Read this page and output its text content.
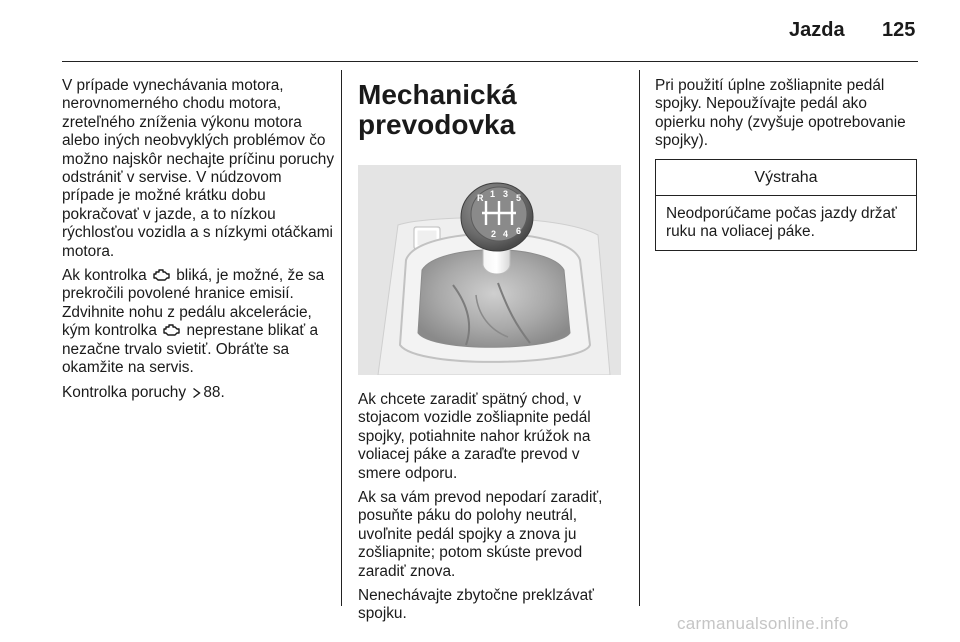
Jazda 125

V prípade vynechávania motora, nerovnomerného chodu motora, zreteľného zníženia výkonu motora alebo iných neobvyklých problémov čo možno najskôr nechajte príčinu poruchy odstrániť v servise. V núdzovom prípade je možné krátku dobu pokračovať v jazde, a to nízkou rýchlosťou vozidla a s nízkymi otáčkami motora.

Ak kontrolka  bliká, je možné, že sa prekročili povolené hranice emisií. Zdvihnite nohu z pedálu akcelerácie, kým kontrolka  neprestane blikať a nezačne trvalo svietiť. Obráťte sa okamžite na servis.

Kontrolka poruchy 88.

Mechanická
prevodovka
R 1 3 5
2 4 6

Ak chcete zaradiť spätný chod, v stojacom vozidle zošliapnite pedál spojky, potiahnite nahor krúžok na voliacej páke a zaraďte prevod v smere odporu.

Ak sa vám prevod nepodarí zaradiť, posuňte páku do polohy neutrál, uvoľnite pedál spojky a znova ju zošliapnite; potom skúste prevod zaradiť znova.

Nenechávajte zbytočne preklzávať spojku.

Pri použití úplne zošliapnite pedál spojky. Nepoužívajte pedál ako opierku nohy (zvyšuje opotrebovanie spojky).

Výstraha
Neodporúčame počas jazdy držať ruku na voliacej páke.
carmanualsonline.info
